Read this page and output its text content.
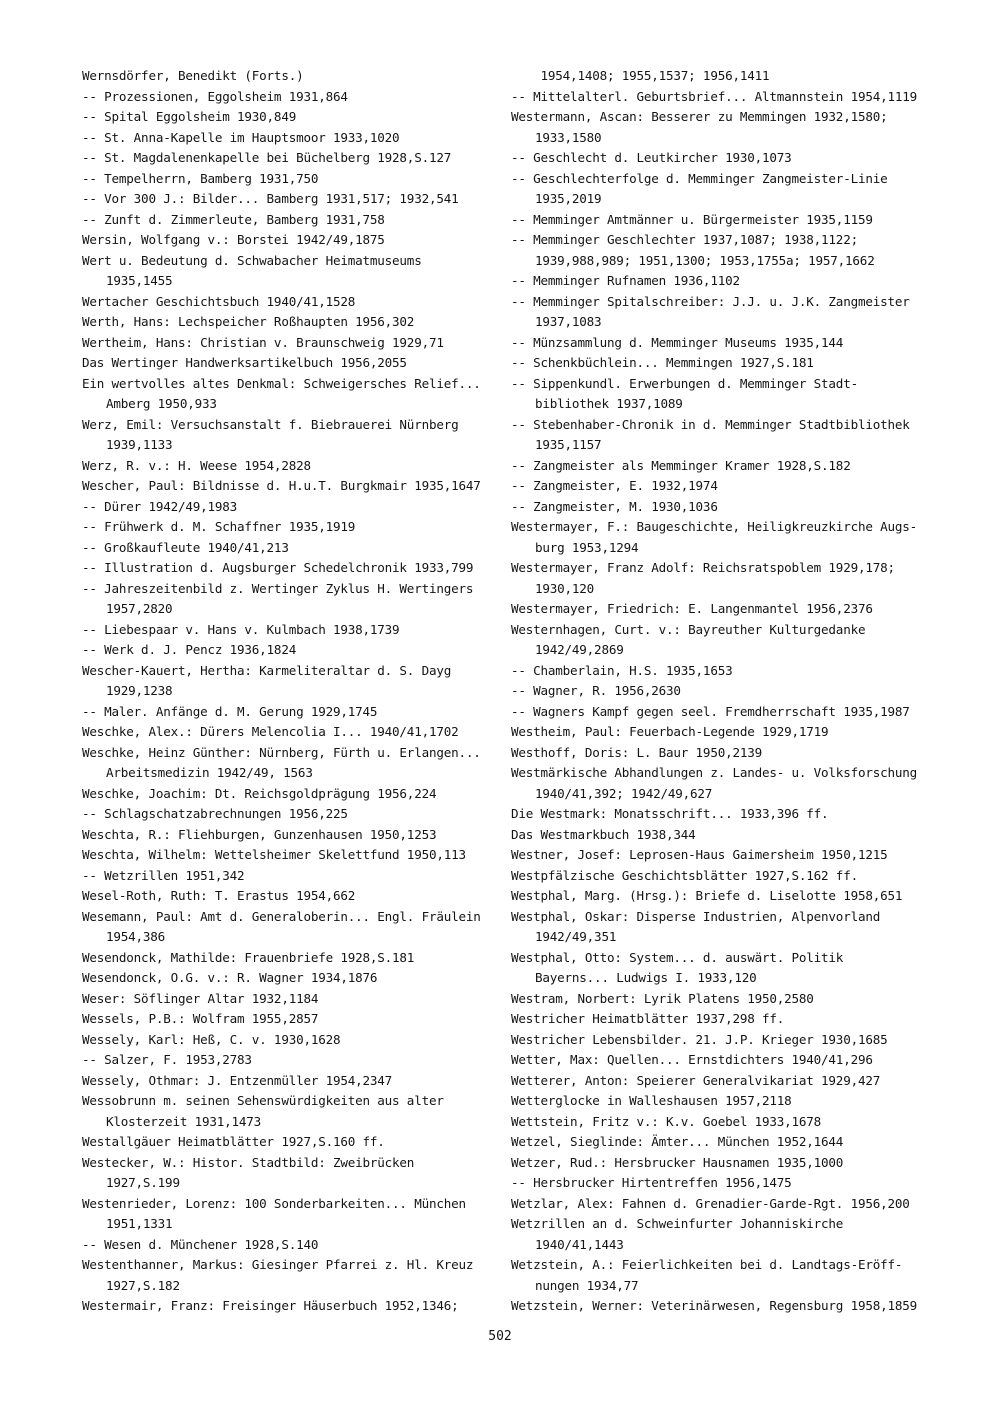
Wernsdörfer, Benedikt (Forts.)
-- Prozessionen, Eggolsheim 1931,864
-- Spital Eggolsheim 1930,849
-- St. Anna-Kapelle im Hauptsmoor 1933,1020
-- St. Magdalenenkapelle bei Büchelberg 1928,S.127
-- Tempelherrn, Bamberg 1931,750
-- Vor 300 J.: Bilder... Bamberg 1931,517; 1932,541
-- Zunft d. Zimmerleute, Bamberg 1931,758
Wersin, Wolfgang v.: Borstei 1942/49,1875
Wert u. Bedeutung d. Schwabacher Heimatmuseums
1935,1455
Wertacher Geschichtsbuch 1940/41,1528
Werth, Hans: Lechspeicher Roßhaupten 1956,302
Wertheim, Hans: Christian v. Braunschweig 1929,71
Das Wertinger Handwerksartikelbuch 1956,2055
Ein wertvolles altes Denkmal: Schweigersches Relief...
Amberg 1950,933
Werz, Emil: Versuchsanstalt f. Biebrauerei Nürnberg
1939,1133
Werz, R. v.: H. Weese 1954,2828
Wescher, Paul: Bildnisse d. H.u.T. Burgkmair 1935,1647
-- Dürer 1942/49,1983
-- Frühwerk d. M. Schaffner 1935,1919
-- Großkaufleute 1940/41,213
-- Illustration d. Augsburger Schedelchronik 1933,799
-- Jahreszeitenbild z. Wertinger Zyklus H. Wertingers
1957,2820
-- Liebespaar v. Hans v. Kulmbach 1938,1739
-- Werk d. J. Pencz 1936,1824
Wescher-Kauert, Hertha: Karmeliteraltar d. S. Dayg
1929,1238
-- Maler. Anfänge d. M. Gerung 1929,1745
Weschke, Alex.: Dürers Melencolia I... 1940/41,1702
Weschke, Heinz Günther: Nürnberg, Fürth u. Erlangen...
Arbeitsmedizin 1942/49, 1563
Weschke, Joachim: Dt. Reichsgoldprägung 1956,224
-- Schlagschatzabrechnungen 1956,225
Weschta, R.: Fliehburgen, Gunzenhausen 1950,1253
Weschta, Wilhelm: Wettelsheimer Skelettfund 1950,113
-- Wetzrillen 1951,342
Wesel-Roth, Ruth: T. Erastus 1954,662
Wesemann, Paul: Amt d. Generaloberin... Engl. Fräulein
1954,386
Wesendonck, Mathilde: Frauenbriefe 1928,S.181
Wesendonck, O.G. v.: R. Wagner 1934,1876
Weser: Söflinger Altar 1932,1184
Wessels, P.B.: Wolfram 1955,2857
Wessely, Karl: Heß, C. v. 1930,1628
-- Salzer, F. 1953,2783
Wessely, Othmar: J. Entzenmüller 1954,2347
Wessobrunn m. seinen Sehenswürdigkeiten aus alter
Klosterzeit 1931,1473
Westallgäuer Heimatblätter 1927,S.160 ff.
Westecker, W.: Histor. Stadtbild: Zweibrücken
1927,S.199
Westenrieder, Lorenz: 100 Sonderbarkeiten... München
1951,1331
-- Wesen d. Münchener 1928,S.140
Westenthanner, Markus: Giesinger Pfarrei z. Hl. Kreuz
1927,S.182
Westermair, Franz: Freisinger Häuserbuch 1952,1346;
1954,1408; 1955,1537; 1956,1411
-- Mittelalterl. Geburtsbrief... Altmannstein 1954,1119
Westermann, Ascan: Besserer zu Memmingen 1932,1580;
1933,1580
-- Geschlecht d. Leutkircher 1930,1073
-- Geschlechterfolge d. Memminger Zangmeister-Linie
1935,2019
-- Memminger Amtmänner u. Bürgermeister 1935,1159
-- Memminger Geschlechter 1937,1087; 1938,1122;
1939,988,989; 1951,1300; 1953,1755a; 1957,1662
-- Memminger Rufnamen 1936,1102
-- Memminger Spitalschreiber: J.J. u. J.K. Zangmeister
1937,1083
-- Münzsammlung d. Memminger Museums 1935,144
-- Schenkbüchlein... Memmingen 1927,S.181
-- Sippenkundl. Erwerbungen d. Memminger Stadt-
bibliothek 1937,1089
-- Stebenhaber-Chronik in d. Memminger Stadtbibliothek
1935,1157
-- Zangmeister als Memminger Kramer 1928,S.182
-- Zangmeister, E. 1932,1974
-- Zangmeister, M. 1930,1036
Westermayer, F.: Baugeschichte, Heiligkreuzkirche Augs-
burg 1953,1294
Westermayer, Franz Adolf: Reichsratspoblem 1929,178;
1930,120
Westermayer, Friedrich: E. Langenmantel 1956,2376
Westernhagen, Curt. v.: Bayreuther Kulturgedanke
1942/49,2869
-- Chamberlain, H.S. 1935,1653
-- Wagner, R. 1956,2630
-- Wagners Kampf gegen seel. Fremdherrschaft 1935,1987
Westheim, Paul: Feuerbach-Legende 1929,1719
Westhoff, Doris: L. Baur 1950,2139
Westmärkische Abhandlungen z. Landes- u. Volksforschung
1940/41,392; 1942/49,627
Die Westmark: Monatsschrift... 1933,396 ff.
Das Westmarkbuch 1938,344
Westner, Josef: Leprosen-Haus Gaimersheim 1950,1215
Westpfälzische Geschichtsblätter 1927,S.162 ff.
Westphal, Marg. (Hrsg.): Briefe d. Liselotte 1958,651
Westphal, Oskar: Disperse Industrien, Alpenvorland
1942/49,351
Westphal, Otto: System... d. auswärt. Politik
Bayerns... Ludwigs I. 1933,120
Westram, Norbert: Lyrik Platens 1950,2580
Westricher Heimatblätter 1937,298 ff.
Westricher Lebensbilder. 21. J.P. Krieger 1930,1685
Wetter, Max: Quellen... Ernstdichters 1940/41,296
Wetterer, Anton: Speierer Generalvikariat 1929,427
Wetterglocke in Walleshausen 1957,2118
Wettstein, Fritz v.: K.v. Goebel 1933,1678
Wetzel, Sieglinde: Ämter... München 1952,1644
Wetzer, Rud.: Hersbrucker Hausnamen 1935,1000
-- Hersbrucker Hirtentreffen 1956,1475
Wetzlar, Alex: Fahnen d. Grenadier-Garde-Rgt. 1956,200
Wetzrillen an d. Schweinfurter Johanniskirche
1940/41,1443
Wetzstein, A.: Feierlichkeiten bei d. Landtags-Eröff-
nungen 1934,77
Wetzstein, Werner: Veterinärwesen, Regensburg 1958,1859
502
